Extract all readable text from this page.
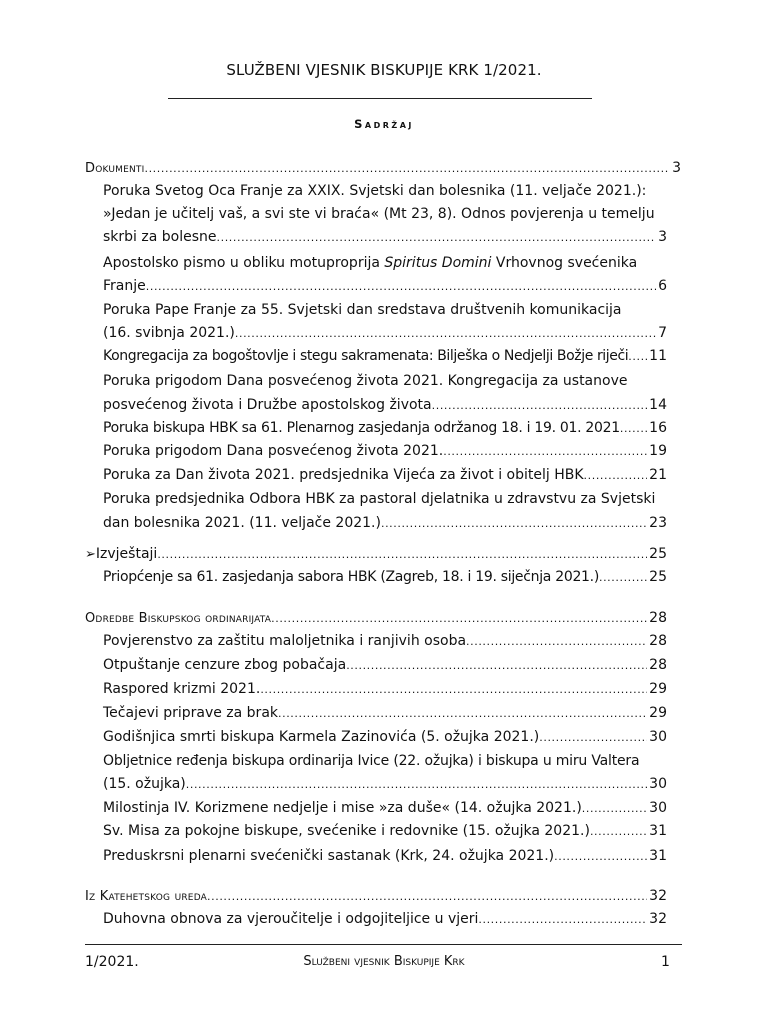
SLUŽBENI VJESNIK BISKUPIJE KRK 1/2021.
Sadržaj
Dokumenti .....	3
Poruka Svetog Oca Franje za XXIX. Svjetski dan bolesnika (11. veljače 2021.):
»Jedan je učitelj vaš, a svi ste vi braća« (Mt 23, 8). Odnos povjerenja u temelju
skrbi za bolesne .....	3
Apostolsko pismo u obliku motuproprija Spiritus Domini Vrhovnog svećenika
Franje .....	6
Poruka Pape Franje za 55. Svjetski dan sredstava društvenih komunikacija
(16. svibnja 2021.) .....	7
Kongregacija za bogoštovlje i stegu sakramenata: Bilješka o Nedjelji Božje riječi ..... 11
Poruka prigodom Dana posvećenog života 2021. Kongregacija za ustanove
posvećenog života i Družbe apostolskog života .....	14
Poruka biskupa HBK sa 61. Plenarnog zasjedanja održanog 18. i 19. 01. 2021 ..... 16
Poruka prigodom Dana posvećenog života 2021. .....	19
Poruka za Dan života 2021. predsjednika Vijeća za život i obitelj HBK .....	21
Poruka predsjednika Odbora HBK za pastoral djelatnika u zdravstvu za Svjetski
dan bolesnika 2021. (11. veljače 2021.) .....	23
➢ Izvještaji .....	25
Priopćenje sa 61. zasjedanja sabora HBK (Zagreb, 18. i 19. siječnja 2021.) .....	25
Odredbe Biskupskog ordinarijata .....	28
Povjerenstvo za zaštitu maloljetnika i ranjivih osoba .....	28
Otpuštanje cenzure zbog pobačaja .....	28
Raspored krizmi 2021. .....	29
Tečajevi priprave za brak .....	29
Godišnjica smrti biskupa Karmela Zazinovića (5. ožujka 2021.) .....	30
Obljetnice ređenja biskupa ordinarija Ivice (22. ožujka) i biskupa u miru Valtera
(15. ožujka) .....	30
Milostinja IV. Korizmene nedjelje i mise »za duše« (14. ožujka 2021.) .....	30
Sv. Misa za pokojne biskupe, svećenike i redovnike (15. ožujka 2021.) .....	31
Preduskrsni plenarni svećenički sastanak (Krk, 24. ožujka 2021.) .....	31
Iz Katehetskog ureda .....	32
Duhovna obnova za vjeroučitelje i odgojiteljice u vjeri .....	32
1/2021.	Službeni vjesnik Biskupije Krk	1
